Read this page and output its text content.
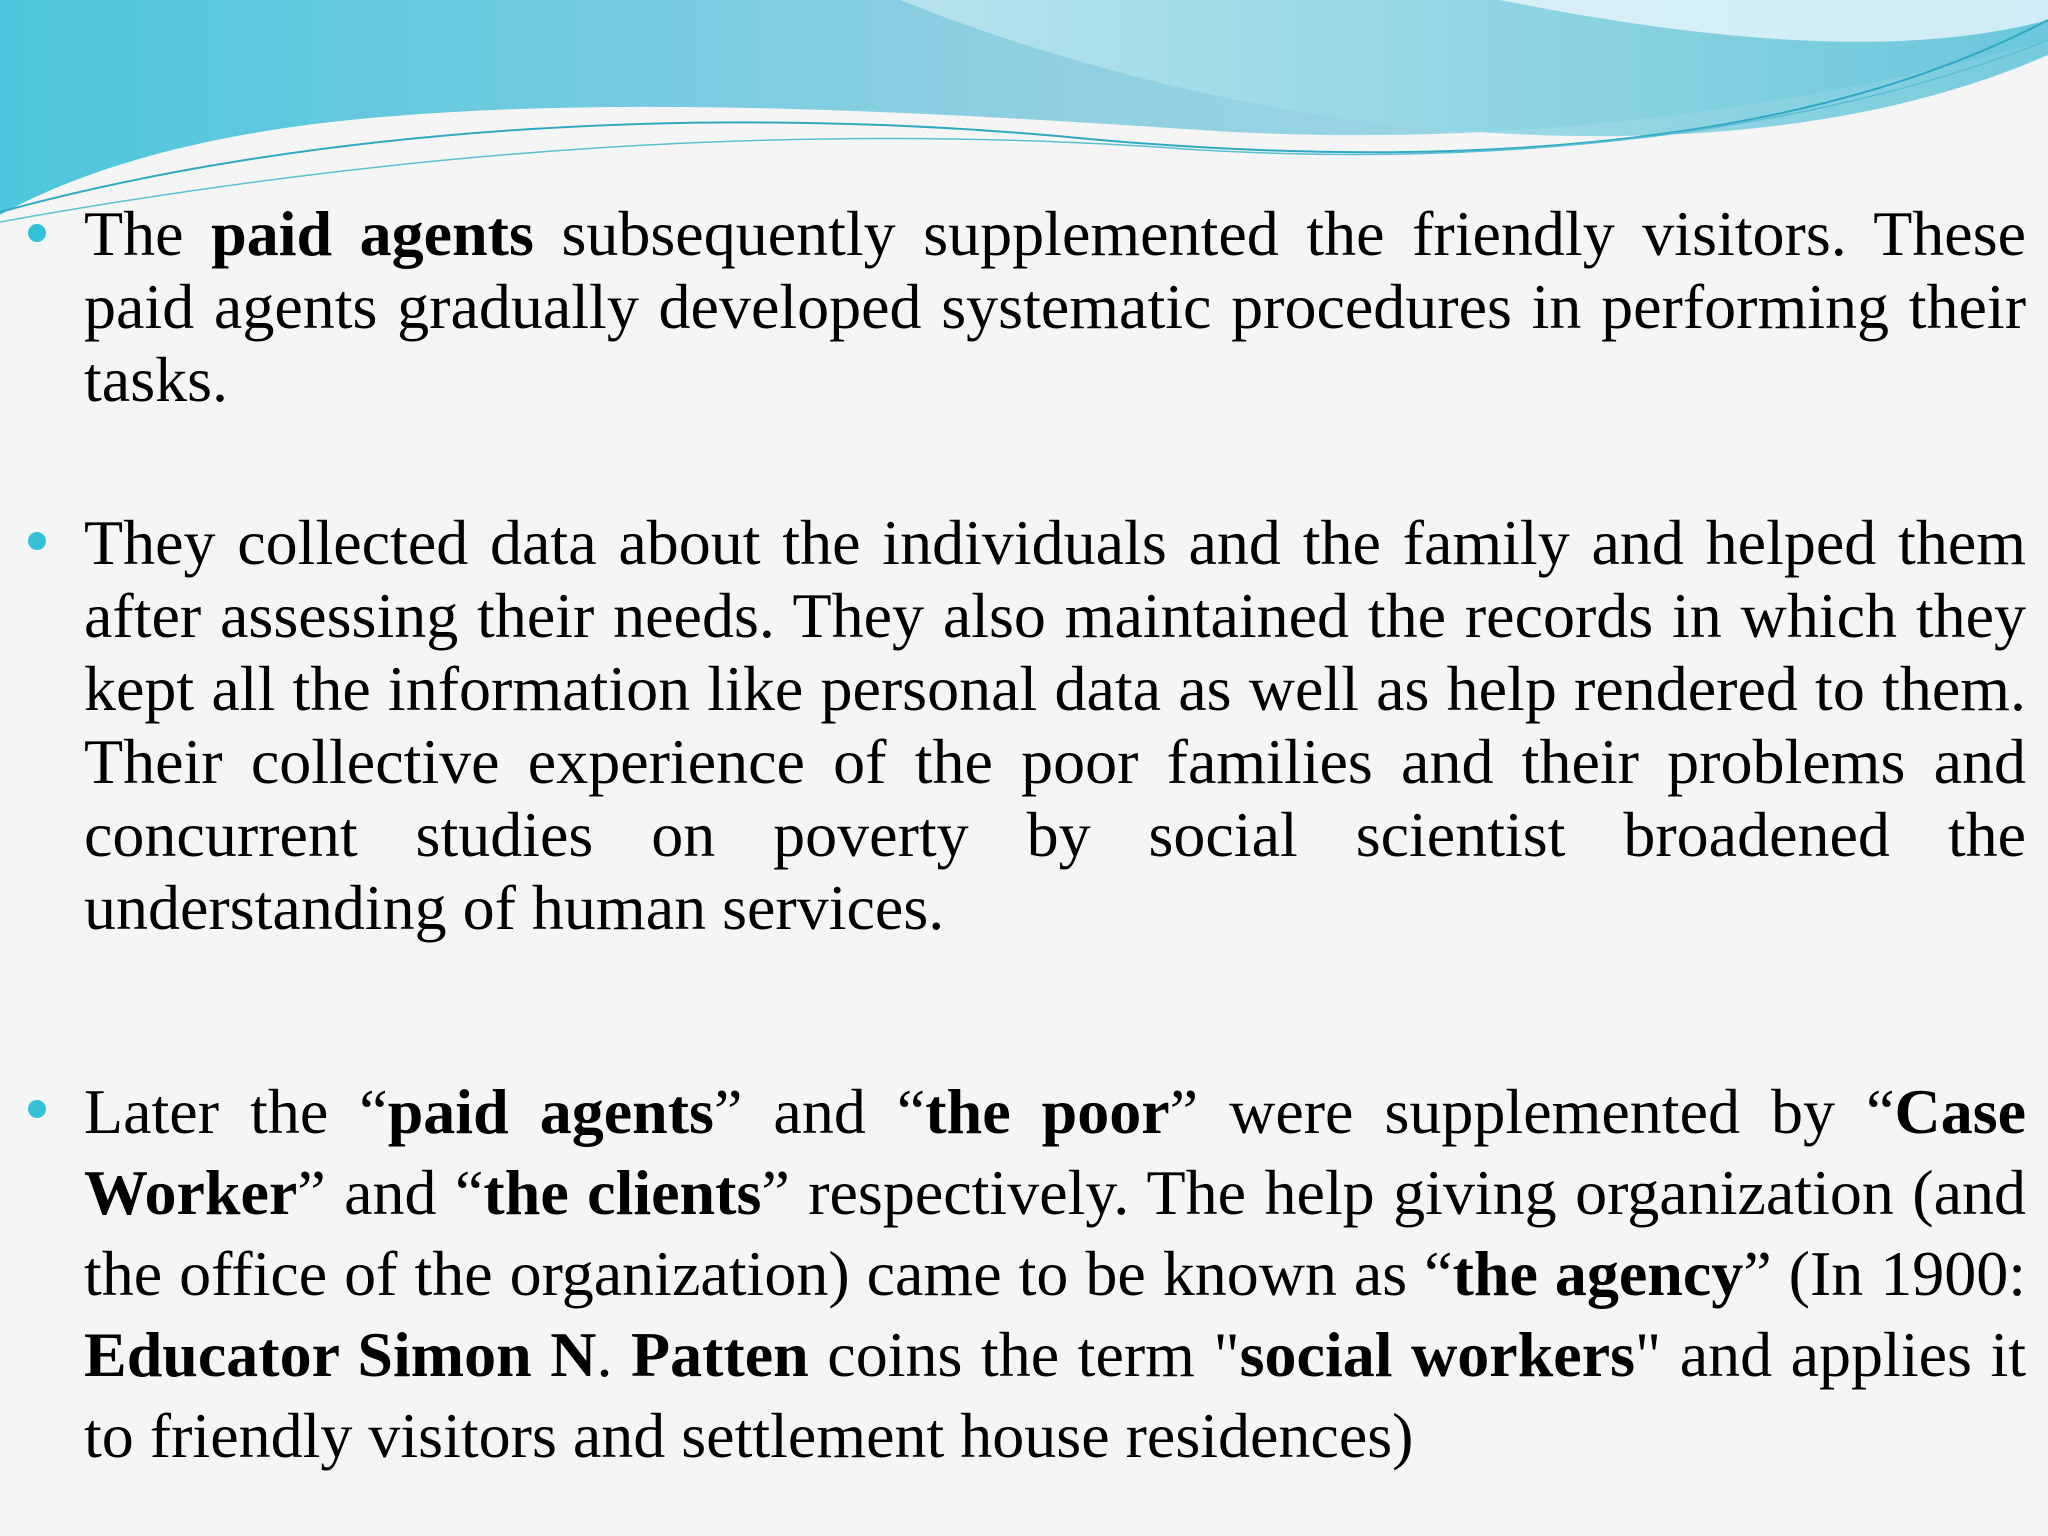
The paid agents subsequently supplemented the friendly visitors. These paid agents gradually developed systematic procedures in performing their tasks.
They collected data about the individuals and the family and helped them after assessing their needs. They also maintained the records in which they kept all the information like personal data as well as help rendered to them. Their collective experience of the poor families and their problems and concurrent studies on poverty by social scientist broadened the understanding of human services.
Later the “paid agents” and “the poor” were supplemented by “Case Worker” and “the clients” respectively. The help giving organization (and the office of the organization) came to be known as “the agency” (In 1900: Educator Simon N. Patten coins the term "social workers" and applies it to friendly visitors and settlement house residences)
